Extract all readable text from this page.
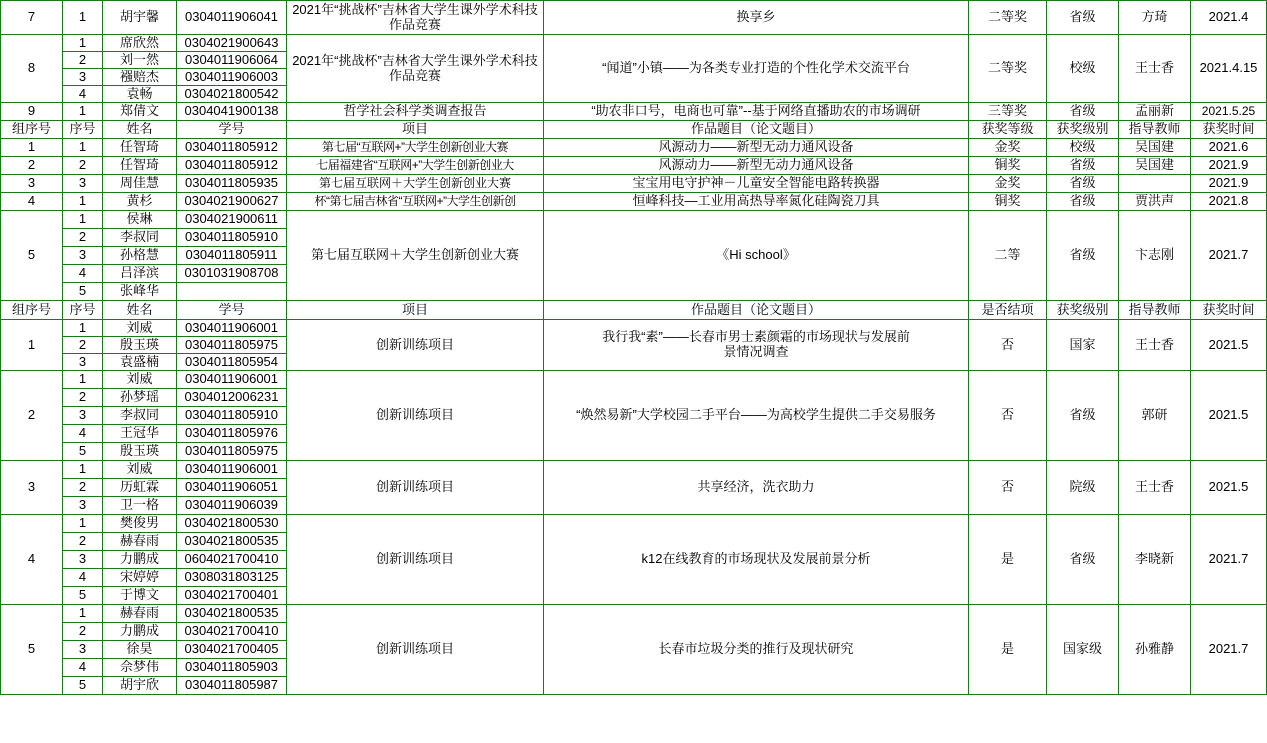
7	1	胡宇馨	0304011906041	2021年“挑战杯”吉林省大学生课外学术科技作品竞赛	换享乡	二等奖	省级	方琦	2021.4
8	1	席欣然	0304021900643	2021年“挑战杯”吉林省大学生课外学术科技作品竞赛	“闻道”小镇——为各类专业打造的个性化学术交流平台	二等奖	校级	王士香	2021.4.15
	2	刘一然	0304011906064						
	3	襁赔杰	0304011906003						
	4	袁畅	0304021800542						
9	1	郑倩文	0304041900138	哲学社会科学类调查报告	“助农非口号，电商也可靠”--基于网络直播助农的市场调研	三等奖	省级	孟丽新	2021.5.25
组序号	序号	姓名	学号	项目	作品题目（论文题目）	获奖等级	获奖级别	指导教师	获奖时间
1	1	任智琦	0304011805912	第七届“互联网+”大学生创新创业大赛	风源动力——新型无动力通风设备	金奖	校级	吴国建	2021.6
2	2	任智琦	0304011805912	七届福建省“互联网+”大学生创新创业大	风源动力——新型无动力通风设备	铜奖	省级	吴国建	2021.9
3	3	周佳慧	0304011805935	第七届互联网＋大学生创新创业大赛	宝宝用电守护神－儿童安全智能电路转换器	金奖	省级		2021.9
4	1	黄杉	0304021900627	杯“第七届吉林省“互联网+”大学生创新创	恒峰科技—工业用高热导率氮化硅陶瓷刀具	铜奖	省级	贾洪声	2021.8
5	1	侯琳	0304021900611	第七届互联网＋大学生创新创业大赛	《Hi school》	二等	省级	卞志刚	2021.7
	2	李叔同	0304011805910						
	3	孙格慧	0304011805911						
	4	吕泽滨	0301031908708						
	5	张峰华							
组序号	序号	姓名	学号	项目	作品题目（论文题目）	是否结项	获奖级别	指导教师	获奖时间
1	1	刘威	0304011906001	创新训练项目	我行我“素”——长春市男士素颜霜的市场现状与发展前景情况调查	否	国家	王士香	2021.5
	2	殷玉瑛	0304011805975						
	3	袁盛楠	0304011805954						
2	1	刘威	0304011906001	创新训练项目	“焕然易新”大学校园二手平台——为高校学生提供二手交易服务	否	省级	郭研	2021.5
	2	孙梦瑶	0304012006231						
	3	李叔同	0304011805910						
	4	王冠华	0304011805976						
	5	殷玉瑛	0304011805975						
3	1	刘威	0304011906001	创新训练项目	共享经济，洗衣助力	否	院级	王士香	2021.5
	2	历虹霖	0304011906051						
	3	卫一格	0304011906039						
4	1	樊俊男	0304021800530	创新训练项目	k12在线教育的市场现状及发展前景分析	是	省级	李晓新	2021.7
	2	赫春雨	0304021800535						
	3	力鹏成	0604021700410						
	4	宋婷婷	0308031803125						
	5	于博文	0304021700401						
5	1	赫春雨	0304021800535	创新训练项目	长春市垃圾分类的推行及现状研究	是	国家级	孙雅静	2021.7
	2	力鹏成	0304021700410						
	3	徐昊	0304021700405						
	4	佘梦伟	0304011805903						
	5	胡宇欣	0304011805987						
